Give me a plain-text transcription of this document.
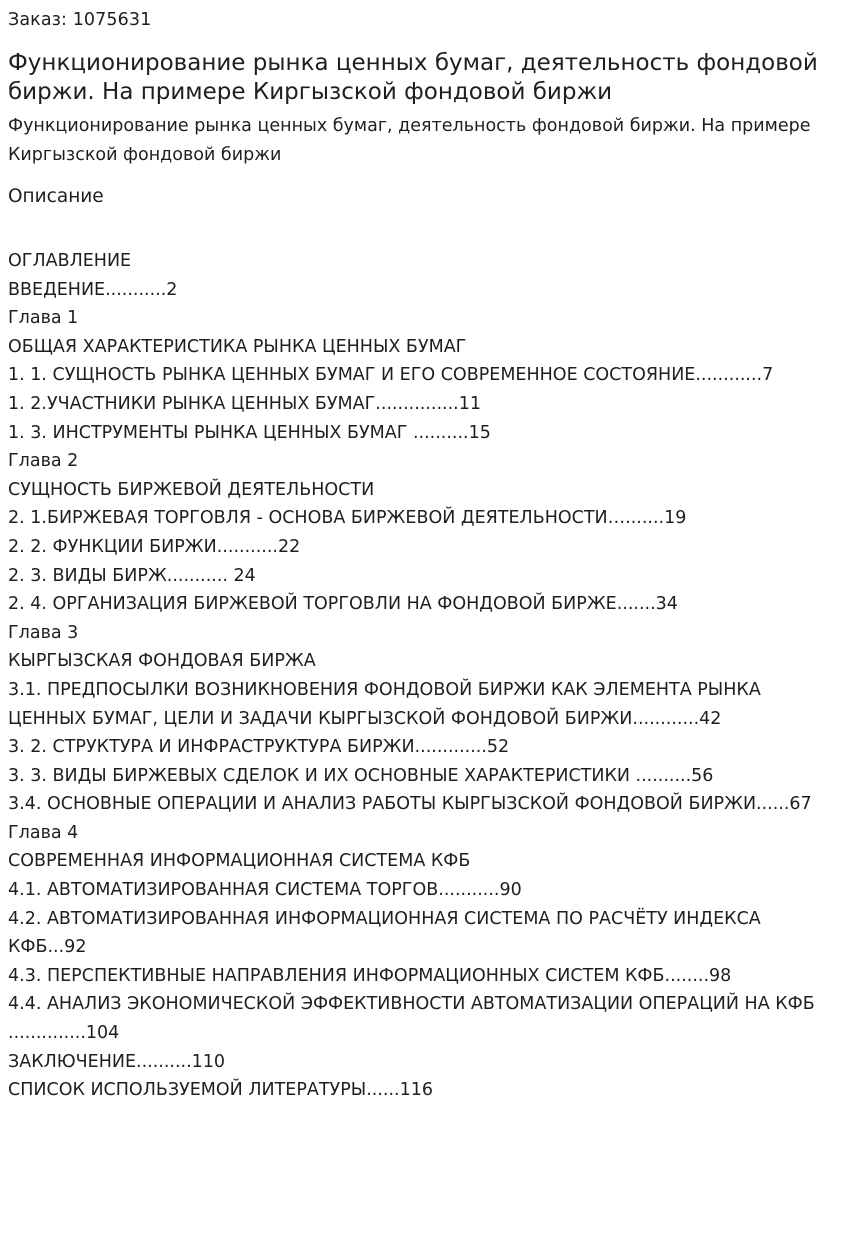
Заказ: 1075631
Функционирование рынка ценных бумаг, деятельность фондовой биржи. На примере Киргызской фондовой биржи
Функционирование рынка ценных бумаг, деятельность фондовой биржи. На примере Киргызской фондовой биржи
Описание
ОГЛАВЛЕНИЕ
ВВЕДЕНИЕ...........2
Глава 1
ОБЩАЯ ХАРАКТЕРИСТИКА РЫНКА ЦЕННЫХ БУМАГ
1. 1. СУЩНОСТЬ РЫНКА ЦЕННЫХ БУМАГ И ЕГО СОВРЕМЕННОЕ СОСТОЯНИЕ............7
1. 2.УЧАСТНИКИ РЫНКА ЦЕННЫХ БУМАГ...............11
1. 3. ИНСТРУМЕНТЫ РЫНКА ЦЕННЫХ БУМАГ ..........15
Глава 2
СУЩНОСТЬ БИРЖЕВОЙ ДЕЯТЕЛЬНОСТИ
2. 1.БИРЖЕВАЯ ТОРГОВЛЯ - ОСНОВА БИРЖЕВОЙ ДЕЯТЕЛЬНОСТИ….......19
2. 2. ФУНКЦИИ БИРЖИ...........22
2. 3. ВИДЫ БИРЖ........... 24
2. 4. ОРГАНИЗАЦИЯ БИРЖЕВОЙ ТОРГОВЛИ НА ФОНДОВОЙ БИРЖЕ.......34
Глава 3
КЫРГЫЗСКАЯ ФОНДОВАЯ БИРЖА
3.1. ПРЕДПОСЫЛКИ ВОЗНИКНОВЕНИЯ ФОНДОВОЙ БИРЖИ КАК ЭЛЕМЕНТА РЫНКА ЦЕННЫХ БУМАГ, ЦЕЛИ И ЗАДАЧИ КЫРГЫЗСКОЙ ФОНДОВОЙ БИРЖИ............42
3. 2. СТРУКТУРА И ИНФРАСТРУКТУРА БИРЖИ.............52
3. 3. ВИДЫ БИРЖЕВЫХ СДЕЛОК И ИХ ОСНОВНЫЕ ХАРАКТЕРИСТИКИ ..........56
3.4. ОСНОВНЫЕ ОПЕРАЦИИ И АНАЛИЗ РАБОТЫ КЫРГЫЗСКОЙ ФОНДОВОЙ БИРЖИ......67
Глава 4
СОВРЕМЕННАЯ ИНФОРМАЦИОННАЯ СИСТЕМА КФБ
4.1. АВТОМАТИЗИРОВАННАЯ СИСТЕМА ТОРГОВ...........90
4.2. АВТОМАТИЗИРОВАННАЯ ИНФОРМАЦИОННАЯ СИСТЕМА ПО РАСЧЁТУ ИНДЕКСА КФБ...92
4.3. ПЕРСПЕКТИВНЫЕ НАПРАВЛЕНИЯ ИНФОРМАЦИОННЫХ СИСТЕМ КФБ........98
4.4. АНАЛИЗ ЭКОНОМИЧЕСКОЙ ЭФФЕКТИВНОСТИ АВТОМАТИЗАЦИИ ОПЕРАЦИЙ НА КФБ ..............104
ЗАКЛЮЧЕНИЕ..........110
СПИСОК ИСПОЛЬЗУЕМОЙ ЛИТЕРАТУРЫ......116
